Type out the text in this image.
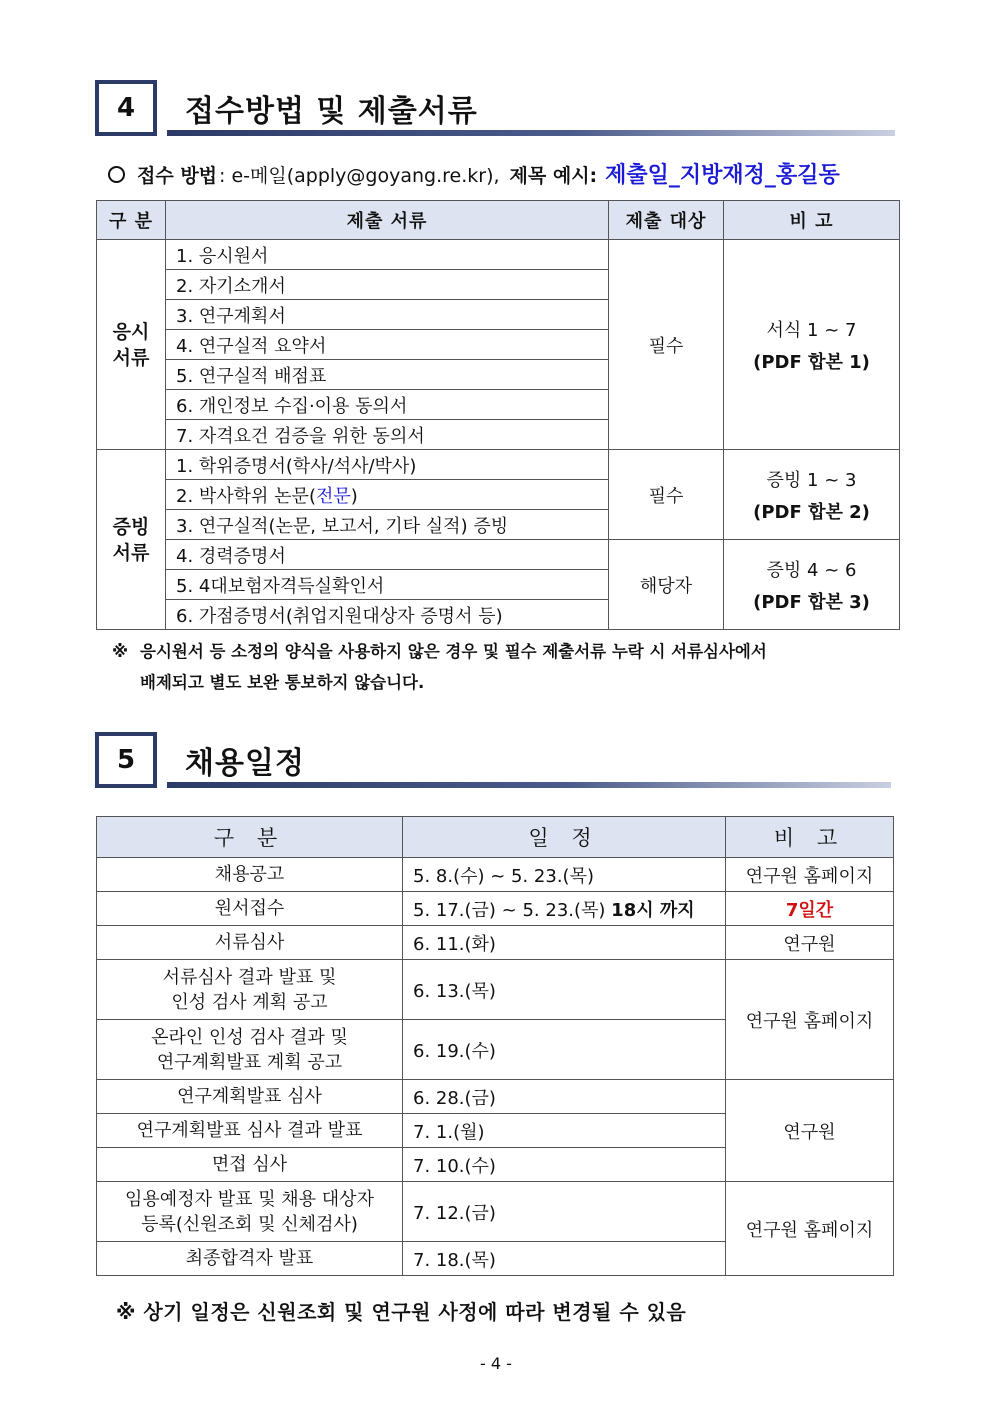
4	접수방법 및 제출서류
접수 방법 : e-메일(apply@goyang.re.kr), 제목 예시: 제출일_지방재정_홍길동
구 분	제출 서류	제출 대상	비 고
응시
서류	1. 응시원서	필수	서식 1 ~ 7
(PDF 합본 1)

	2. 자기소개서		
	3. 연구계획서		
	4. 연구실적 요약서		
	5. 연구실적 배점표		
	6. 개인정보 수집·이용 동의서		
	7. 자격요건 검증을 위한 동의서		
증빙
서류	1. 학위증명서(학사/석사/박사)	필수	증빙 1 ~ 3
(PDF 합본 2)

	2. 박사학위 논문(전문)		
	3. 연구실적(논문, 보고서, 기타 실적) 증빙		
	4. 경력증명서	해당자	증빙 4 ~ 6
(PDF 합본 3)

	5. 4대보험자격득실확인서		
	6. 가점증명서(취업지원대상자 증명서 등)		
※ 응시원서 등 소정의 양식을 사용하지 않은 경우 및 필수 제출서류 누락 시 서류심사에서
배제되고 별도 보완 통보하지 않습니다.
5	채용일정
구 분	일 정	비 고
채용공고	5. 8.(수) ~ 5. 23.(목)	연구원 홈페이지
원서접수	5. 17.(금) ~ 5. 23.(목) 18시 까지	7일간
서류심사	6. 11.(화)	연구원
서류심사 결과 발표 및
인성 검사 계획 공고	6. 13.(목)	연구원 홈페이지
온라인 인성 검사 결과 및
연구계획발표 계획 공고	6. 19.(수)	
연구계획발표 심사	6. 28.(금)	연구원
연구계획발표 심사 결과 발표	7. 1.(월)	
면접 심사	7. 10.(수)	
임용예정자 발표 및 채용 대상자
등록(신원조회 및 신체검사)	7. 12.(금)	연구원 홈페이지
최종합격자 발표	7. 18.(목)	
※ 상기 일정은 신원조회 및 연구원 사정에 따라 변경될 수 있음
- 4 -
